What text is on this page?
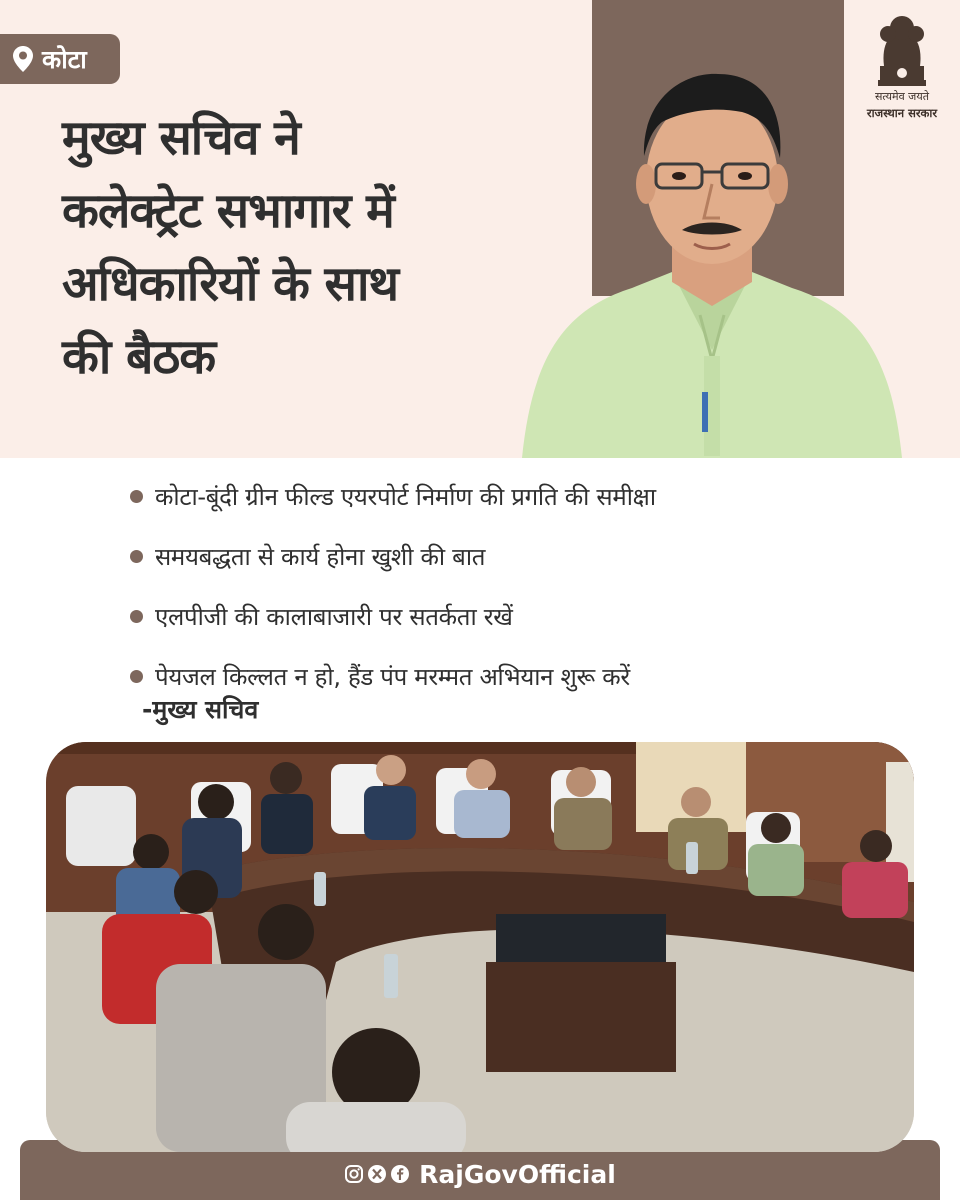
कोटा
मुख्य सचिव ने
कलेक्ट्रेट सभागार में
अधिकारियों के साथ
की बैठक
सत्यमेव जयते
राजस्थान सरकार
कोटा-बूंदी ग्रीन फील्ड एयरपोर्ट निर्माण की प्रगति की समीक्षा
समयबद्धता से कार्य होना खुशी की बात
एलपीजी की कालाबाजारी पर सतर्कता रखें
पेयजल किल्लत न हो, हैंड पंप मरम्मत अभियान शुरू करें
-मुख्य सचिव
RajGovOfficial
